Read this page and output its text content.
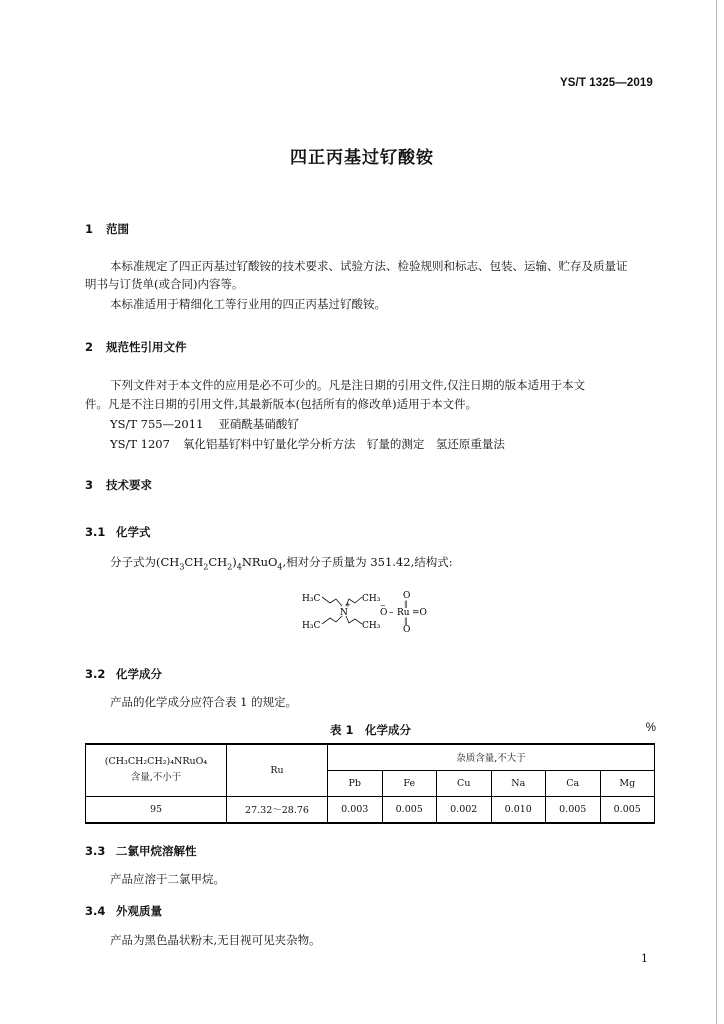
YS/T 1325—2019
四正丙基过钌酸铵
1 范围
本标准规定了四正丙基过钌酸铵的技术要求、试验方法、检验规则和标志、包装、运输、贮存及质量证
明书与订货单(或合同)内容等。
本标准适用于精细化工等行业用的四正丙基过钌酸铵。
2 规范性引用文件
下列文件对于本文件的应用是必不可少的。凡是注日期的引用文件,仅注日期的版本适用于本文
件。凡是不注日期的引用文件,其最新版本(包括所有的修改单)适用于本文件。
YS/T 755—2011 亚硝酰基硝酸钌
YS/T 1207 氧化铝基钌料中钌量化学分析方法　钌量的测定　氢还原重量法
3 技术要求
3.1 化学式
分子式为$(CH_3CH_2CH_2)_4NRuO_4$,相对分子质量为 351.42,结构式:
H₃C	CH₃
H₃C	CH₃
N
+
O
‖
O
−
– Ru =O
‖
O
3.2 化学成分
产品的化学成分应符合表 1 的规定。
表 1　化学成分	%
(CH₃CH₂CH₂)₄NRuO₄
含量,不小于	Ru	杂质含量,不大于					
		Pb	Fe	Cu	Na	Ca	Mg
95	27.32～28.76	0.003	0.005	0.002	0.010	0.005	0.005
3.3 二氯甲烷溶解性
产品应溶于二氯甲烷。
3.4 外观质量
产品为黑色晶状粉末,无目视可见夹杂物。
1
